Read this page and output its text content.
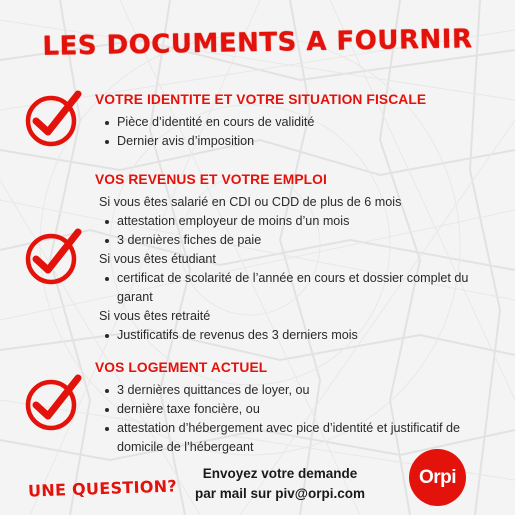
LES DOCUMENTS A FOURNIR
VOTRE IDENTITE ET VOTRE SITUATION FISCALE
Pièce d’identité en cours de validité
Dernier avis d’imposition
VOS REVENUS ET VOTRE EMPLOI
Si vous êtes salarié en CDI ou CDD de plus de 6 mois
attestation employeur de moins d’un mois
3 dernières fiches de paie
Si vous êtes étudiant
certificat de scolarité de l’année en cours et dossier complet du garant
Si vous êtes retraité
Justificatifs de revenus des 3 derniers mois
VOS LOGEMENT ACTUEL
3 dernières quittances de loyer, ou
dernière taxe foncière, ou
attestation d’hébergement avec pice d’identité et justificatif de domicile de l’hébergeant
UNE QUESTION?
Envoyez votre demande
par mail sur piv@orpi.com
Orpi
